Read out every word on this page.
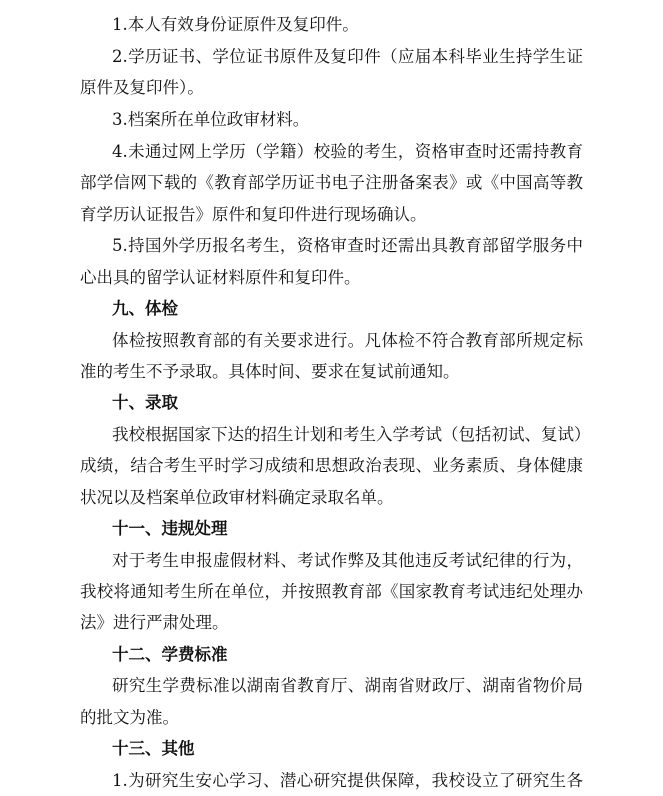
1.本人有效身份证原件及复印件。
2.学历证书、学位证书原件及复印件（应届本科毕业生持学生证
原件及复印件）。
3.档案所在单位政审材料。
4.未通过网上学历（学籍）校验的考生，资格审查时还需持教育
部学信网下载的《教育部学历证书电子注册备案表》或《中国高等教
育学历认证报告》原件和复印件进行现场确认。
5.持国外学历报名考生，资格审查时还需出具教育部留学服务中
心出具的留学认证材料原件和复印件。
九、体检
体检按照教育部的有关要求进行。凡体检不符合教育部所规定标
准的考生不予录取。具体时间、要求在复试前通知。
十、录取
我校根据国家下达的招生计划和考生入学考试（包括初试、复试）
成绩，结合考生平时学习成绩和思想政治表现、业务素质、身体健康
状况以及档案单位政审材料确定录取名单。
十一、违规处理
对于考生申报虚假材料、考试作弊及其他违反考试纪律的行为，
我校将通知考生所在单位，并按照教育部《国家教育考试违纪处理办
法》进行严肃处理。
十二、学费标准
研究生学费标准以湖南省教育厅、湖南省财政厅、湖南省物价局
的批文为准。
十三、其他
1.为研究生安心学习、潜心研究提供保障，我校设立了研究生各
